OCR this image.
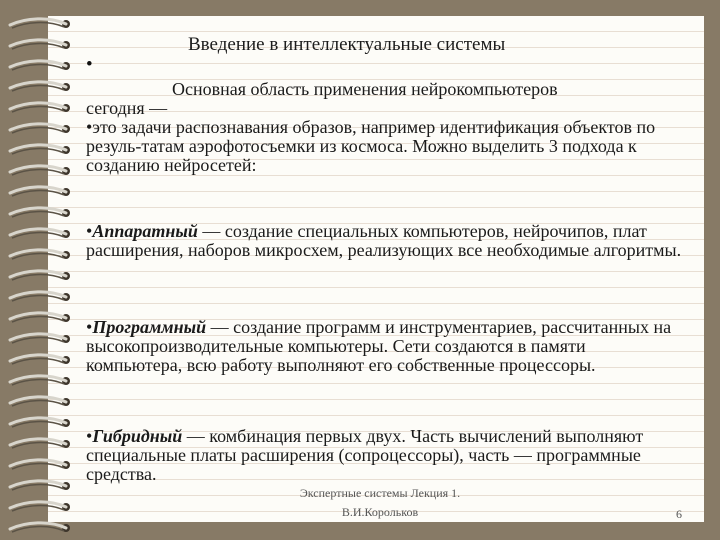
Введение в интеллектуальные системы
•

Основная область применения нейрокомпьютеров

сегодня —

•это задачи распознавания образов, например идентификация объектов по резуль-татам аэрофотосъемки из космоса. Можно выделить 3 подхода к созданию нейросетей:

•Аппаратный — создание специальных компьютеров, нейрочипов, плат расширения, наборов микросхем, реализующих все необходимые алгоритмы.

•Программный — создание программ и инструментариев, рассчитанных на высокопроизводительные компьютеры. Сети создаются в памяти компьютера, всю работу выполняют его собственные процессоры.

•Гибридный — комбинация первых двух. Часть вычислений выполняют специальные платы расширения (сопроцессоры), часть — программные средства.

Экспертные системы Лекция 1.
В.И.Корольков	6
